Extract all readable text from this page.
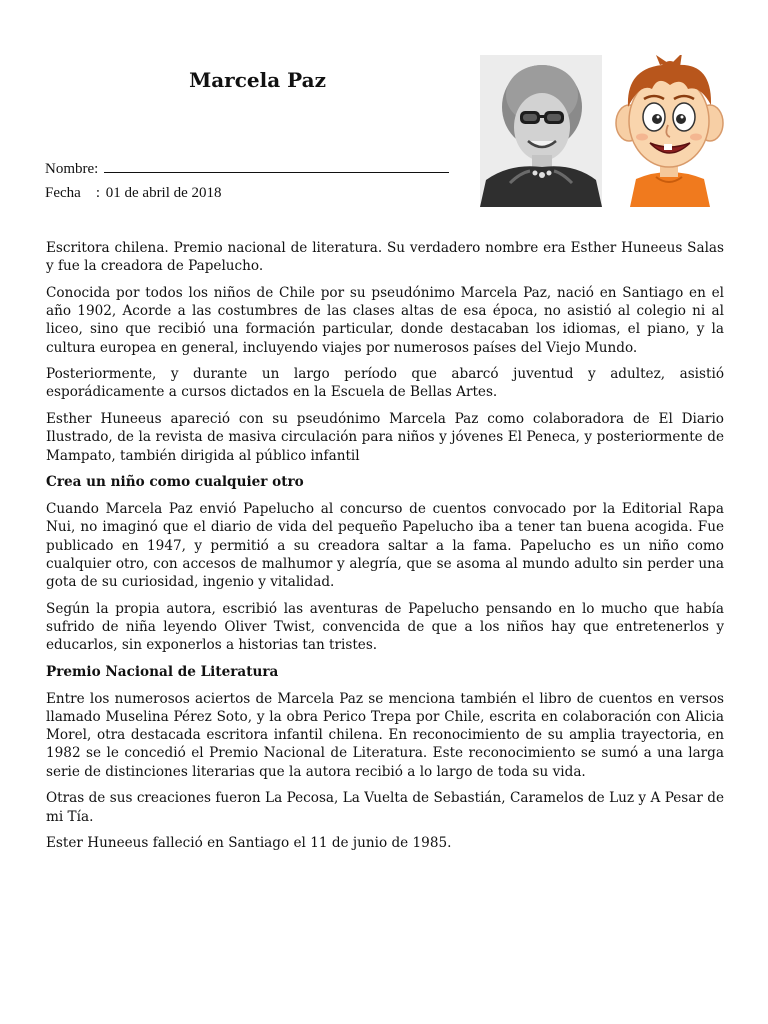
Marcela Paz
Nombre:
Fecha : 01 de abril de 2018

Escritora chilena. Premio nacional de literatura. Su verdadero nombre era Esther Huneeus Salas y fue la creadora de Papelucho.

Conocida por todos los niños de Chile por su pseudónimo Marcela Paz, nació en Santiago en el año 1902, Acorde a las costumbres de las clases altas de esa época, no asistió al colegio ni al liceo, sino que recibió una formación particular, donde destacaban los idiomas, el piano, y la cultura europea en general, incluyendo viajes por numerosos países del Viejo Mundo.

Posteriormente, y durante un largo período que abarcó juventud y adultez, asistió esporádicamente a cursos dictados en la Escuela de Bellas Artes.

Esther Huneeus apareció con su pseudónimo Marcela Paz como colaboradora de El Diario Ilustrado, de la revista de masiva circulación para niños y jóvenes El Peneca, y posteriormente de Mampato, también dirigida al público infantil

Crea un niño como cualquier otro

Cuando Marcela Paz envió Papelucho al concurso de cuentos convocado por la Editorial Rapa Nui, no imaginó que el diario de vida del pequeño Papelucho iba a tener tan buena acogida. Fue publicado en 1947, y permitió a su creadora saltar a la fama. Papelucho es un niño como cualquier otro, con accesos de malhumor y alegría, que se asoma al mundo adulto sin perder una gota de su curiosidad, ingenio y vitalidad.

Según la propia autora, escribió las aventuras de Papelucho pensando en lo mucho que había sufrido de niña leyendo Oliver Twist, convencida de que a los niños hay que entretenerlos y educarlos, sin exponerlos a historias tan tristes.

Premio Nacional de Literatura

Entre los numerosos aciertos de Marcela Paz se menciona también el libro de cuentos en versos llamado Muselina Pérez Soto, y la obra Perico Trepa por Chile, escrita en colaboración con Alicia Morel, otra destacada escritora infantil chilena. En reconocimiento de su amplia trayectoria, en 1982 se le concedió el Premio Nacional de Literatura. Este reconocimiento se sumó a una larga serie de distinciones literarias que la autora recibió a lo largo de toda su vida.

Otras de sus creaciones fueron La Pecosa, La Vuelta de Sebastián, Caramelos de Luz y A Pesar de mi Tía.

Ester Huneeus falleció en Santiago el 11 de junio de 1985.
